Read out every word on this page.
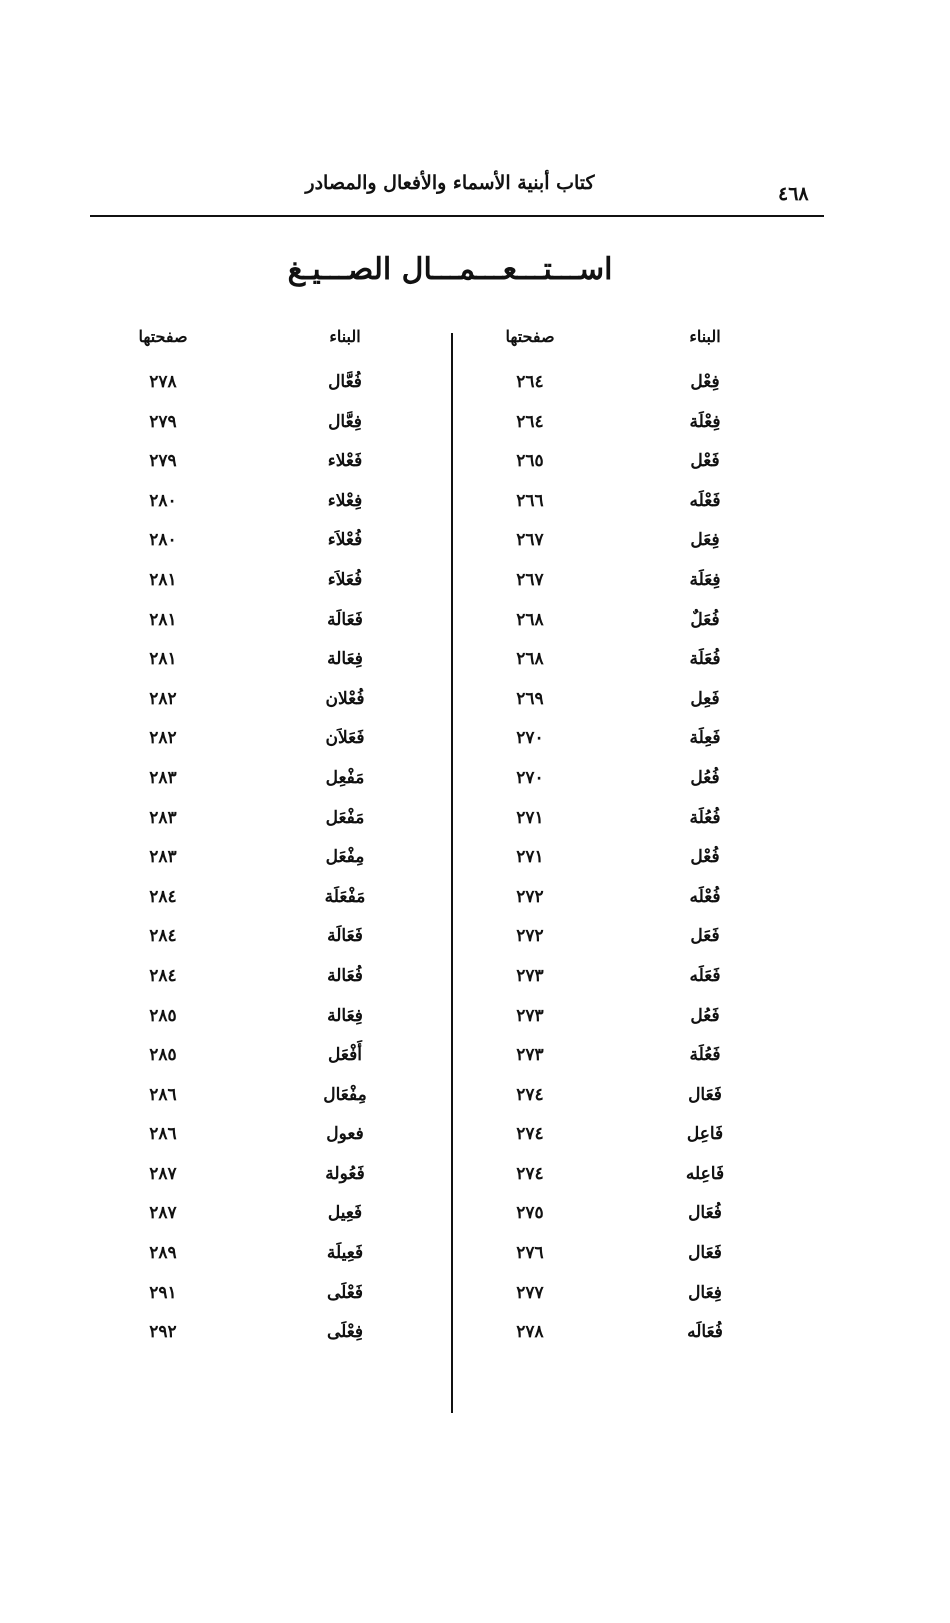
كتاب أبنية الأسماء والأفعال والمصادر	٤٦٨
اســـتـــعـــمـــال الصـــيـغ
البناء
صفحتها
البناء
صفحتها
فِعْل
٢٦٤
فُعَّال
٢٧٨
فِعْلَة
٢٦٤
فِعَّال
٢٧٩
فَعْل
٢٦٥
فَعْلاء
٢٧٩
فَعْلَه
٢٦٦
فِعْلاء
٢٨٠
فِعَل
٢٦٧
فُعْلاَء
٢٨٠
فِعَلَة
٢٦٧
فُعَلاَء
٢٨١
فُعَلٌ
٢٦٨
فَعَالَة
٢٨١
فُعَلَة
٢٦٨
فِعَالة
٢٨١
فَعِل
٢٦٩
فُعْلان
٢٨٢
فَعِلَة
٢٧٠
فَعَلاَن
٢٨٢
فُعُل
٢٧٠
مَفْعِل
٢٨٣
فُعُلَة
٢٧١
مَفْعَل
٢٨٣
فُعْل
٢٧١
مِفْعَل
٢٨٣
فُعْلَه
٢٧٢
مَفْعَلَة
٢٨٤
فَعَل
٢٧٢
فَعَالَة
٢٨٤
فَعَلَه
٢٧٣
فُعَالة
٢٨٤
فَعُل
٢٧٣
فِعَالة
٢٨٥
فَعُلَة
٢٧٣
أَفْعَل
٢٨٥
فَعَال
٢٧٤
مِفْعَال
٢٨٦
فَاعِل
٢٧٤
فعول
٢٨٦
فَاعِله
٢٧٤
فَعُولة
٢٨٧
فُعَال
٢٧٥
فَعِيل
٢٨٧
فَعَال
٢٧٦
فَعِيلَة
٢٨٩
فِعَال
٢٧٧
فَعْلَى
٢٩١
فُعَالَه
٢٧٨
فِعْلَى
٢٩٢
